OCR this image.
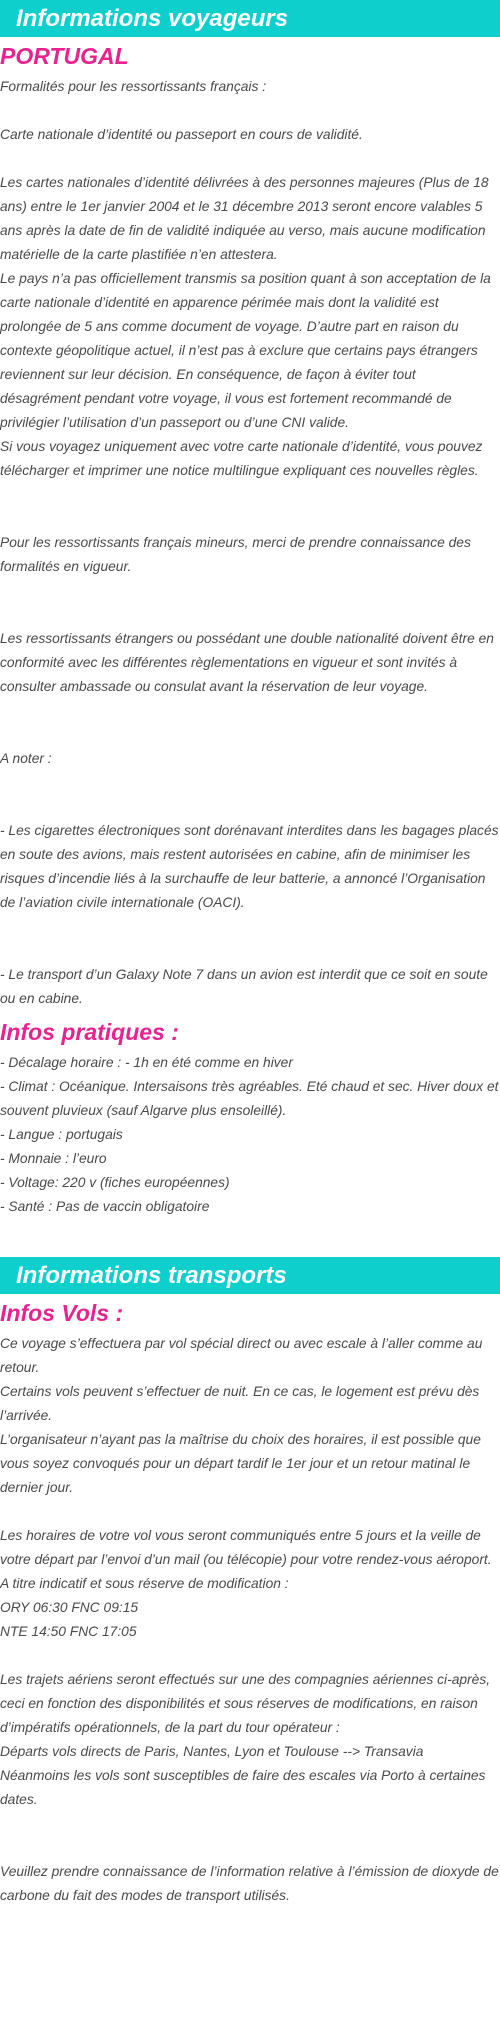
Informations voyageurs
PORTUGAL

Formalités pour les ressortissants français :

Carte nationale d’identité ou passeport en cours de validité.

Les cartes nationales d’identité délivrées à des personnes majeures (Plus de 18 ans) entre le 1er janvier 2004 et le 31 décembre 2013 seront encore valables 5 ans après la date de fin de validité indiquée au verso, mais aucune modification matérielle de la carte plastifiée n’en attestera.

Le pays n’a pas officiellement transmis sa position quant à son acceptation de la carte nationale d’identité en apparence périmée mais dont la validité est prolongée de 5 ans comme document de voyage. D’autre part en raison du contexte géopolitique actuel, il n’est pas à exclure que certains pays étrangers reviennent sur leur décision. En conséquence, de façon à éviter tout désagrément pendant votre voyage, il vous est fortement recommandé de privilégier l’utilisation d’un passeport ou d’une CNI valide.

Si vous voyagez uniquement avec votre carte nationale d’identité, vous pouvez télécharger et imprimer une notice multilingue expliquant ces nouvelles règles.

Pour les ressortissants français mineurs, merci de prendre connaissance des formalités en vigueur.

Les ressortissants étrangers ou possédant une double nationalité doivent être en conformité avec les différentes règlementations en vigueur et sont invités à consulter ambassade ou consulat avant la réservation de leur voyage.

A noter :

- Les cigarettes électroniques sont dorénavant interdites dans les bagages placés en soute des avions, mais restent autorisées en cabine, afin de minimiser les risques d’incendie liés à la surchauffe de leur batterie, a annoncé l’Organisation de l’aviation civile internationale (OACI).

- Le transport d’un Galaxy Note 7 dans un avion est interdit que ce soit en soute ou en cabine.

Infos pratiques :

- Décalage horaire : - 1h en été comme en hiver

- Climat : Océanique. Intersaisons très agréables. Eté chaud et sec. Hiver doux et souvent pluvieux (sauf Algarve plus ensoleillé).

- Langue : portugais

- Monnaie : l’euro

- Voltage: 220 v (fiches européennes)

- Santé : Pas de vaccin obligatoire

Informations transports
Infos Vols :

Ce voyage s’effectuera par vol spécial direct ou avec escale à l’aller comme au retour.

Certains vols peuvent s’effectuer de nuit. En ce cas, le logement est prévu dès l’arrivée.

L’organisateur n’ayant pas la maîtrise du choix des horaires, il est possible que vous soyez convoqués pour un départ tardif le 1er jour et un retour matinal le dernier jour.

Les horaires de votre vol vous seront communiqués entre 5 jours et la veille de votre départ par l’envoi d’un mail (ou télécopie) pour votre rendez-vous aéroport.

A titre indicatif et sous réserve de modification :

ORY 06:30 FNC 09:15

NTE 14:50 FNC 17:05

Les trajets aériens seront effectués sur une des compagnies aériennes ci-après, ceci en fonction des disponibilités et sous réserves de modifications, en raison d’impératifs opérationnels, de la part du tour opérateur :

Départs vols directs de Paris, Nantes, Lyon et Toulouse --> Transavia

Néanmoins les vols sont susceptibles de faire des escales via Porto à certaines dates.

Veuillez prendre connaissance de l’information relative à l’émission de dioxyde de carbone du fait des modes de transport utilisés.
